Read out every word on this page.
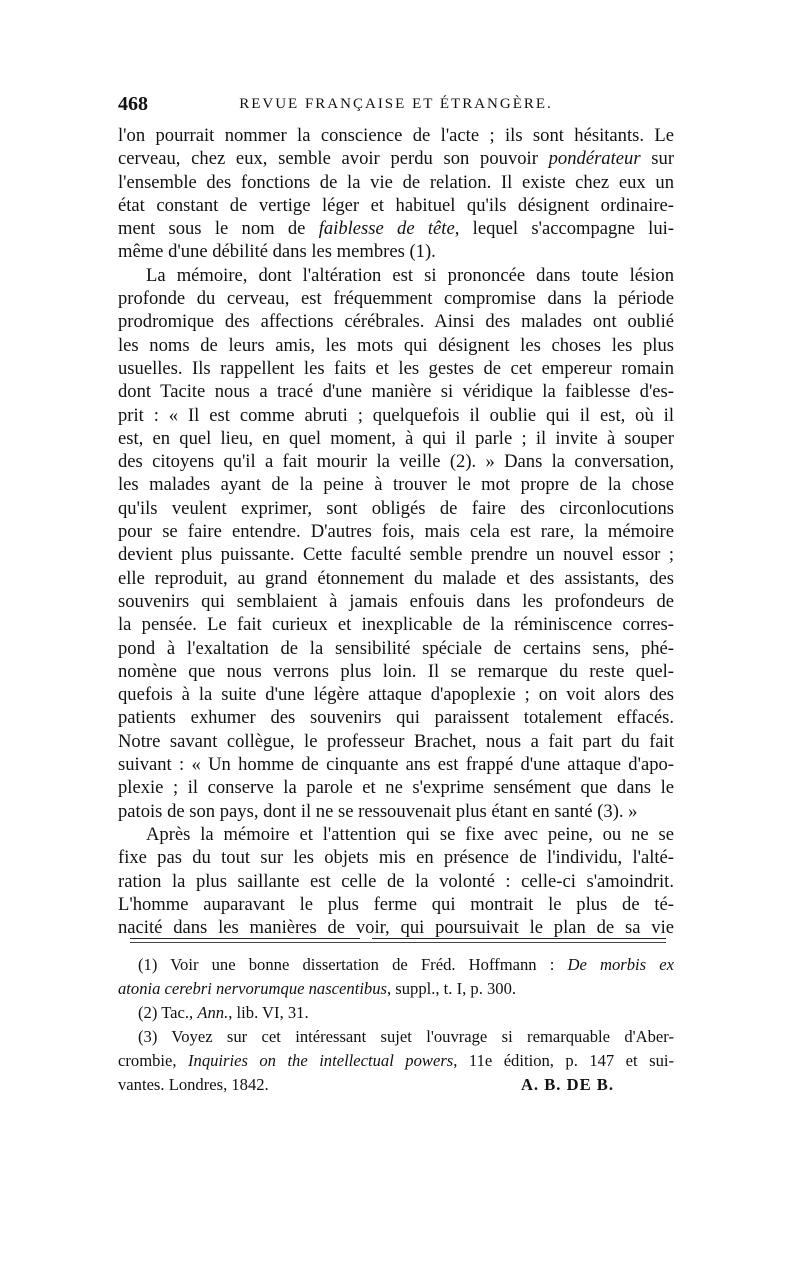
468	REVUE FRANÇAISE ET ÉTRANGÈRE.
l'on pourrait nommer la conscience de l'acte ; ils sont hésitants. Le
cerveau, chez eux, semble avoir perdu son pouvoir pondérateur sur
l'ensemble des fonctions de la vie de relation. Il existe chez eux un
état constant de vertige léger et habituel qu'ils désignent ordinaire-
ment sous le nom de faiblesse de tête, lequel s'accompagne lui-
même d'une débilité dans les membres (1).
La mémoire, dont l'altération est si prononcée dans toute lésion
profonde du cerveau, est fréquemment compromise dans la période
prodromique des affections cérébrales. Ainsi des malades ont oublié
les noms de leurs amis, les mots qui désignent les choses les plus
usuelles. Ils rappellent les faits et les gestes de cet empereur romain
dont Tacite nous a tracé d'une manière si véridique la faiblesse d'es-
prit : « Il est comme abruti ; quelquefois il oublie qui il est, où il
est, en quel lieu, en quel moment, à qui il parle ; il invite à souper
des citoyens qu'il a fait mourir la veille (2). » Dans la conversation,
les malades ayant de la peine à trouver le mot propre de la chose
qu'ils veulent exprimer, sont obligés de faire des circonlocutions
pour se faire entendre. D'autres fois, mais cela est rare, la mémoire
devient plus puissante. Cette faculté semble prendre un nouvel essor ;
elle reproduit, au grand étonnement du malade et des assistants, des
souvenirs qui semblaient à jamais enfouis dans les profondeurs de
la pensée. Le fait curieux et inexplicable de la réminiscence corres-
pond à l'exaltation de la sensibilité spéciale de certains sens, phé-
nomène que nous verrons plus loin. Il se remarque du reste quel-
quefois à la suite d'une légère attaque d'apoplexie ; on voit alors des
patients exhumer des souvenirs qui paraissent totalement effacés.
Notre savant collègue, le professeur Brachet, nous a fait part du fait
suivant : « Un homme de cinquante ans est frappé d'une attaque d'apo-
plexie ; il conserve la parole et ne s'exprime sensément que dans le
patois de son pays, dont il ne se ressouvenait plus étant en santé (3). »
Après la mémoire et l'attention qui se fixe avec peine, ou ne se
fixe pas du tout sur les objets mis en présence de l'individu, l'alté-
ration la plus saillante est celle de la volonté : celle-ci s'amoindrit.
L'homme auparavant le plus ferme qui montrait le plus de té-
nacité dans les manières de voir, qui poursuivait le plan de sa vie
(1) Voir une bonne dissertation de Fréd. Hoffmann : De morbis ex
atonia cerebri nervorumque nascentibus, suppl., t. I, p. 300.
(2) Tac., Ann., lib. VI, 31.
(3) Voyez sur cet intéressant sujet l'ouvrage si remarquable d'Aber-
crombie, Inquiries on the intellectual powers, 11e édition, p. 147 et sui-
vantes. Londres, 1842.	A. B. DE B.
